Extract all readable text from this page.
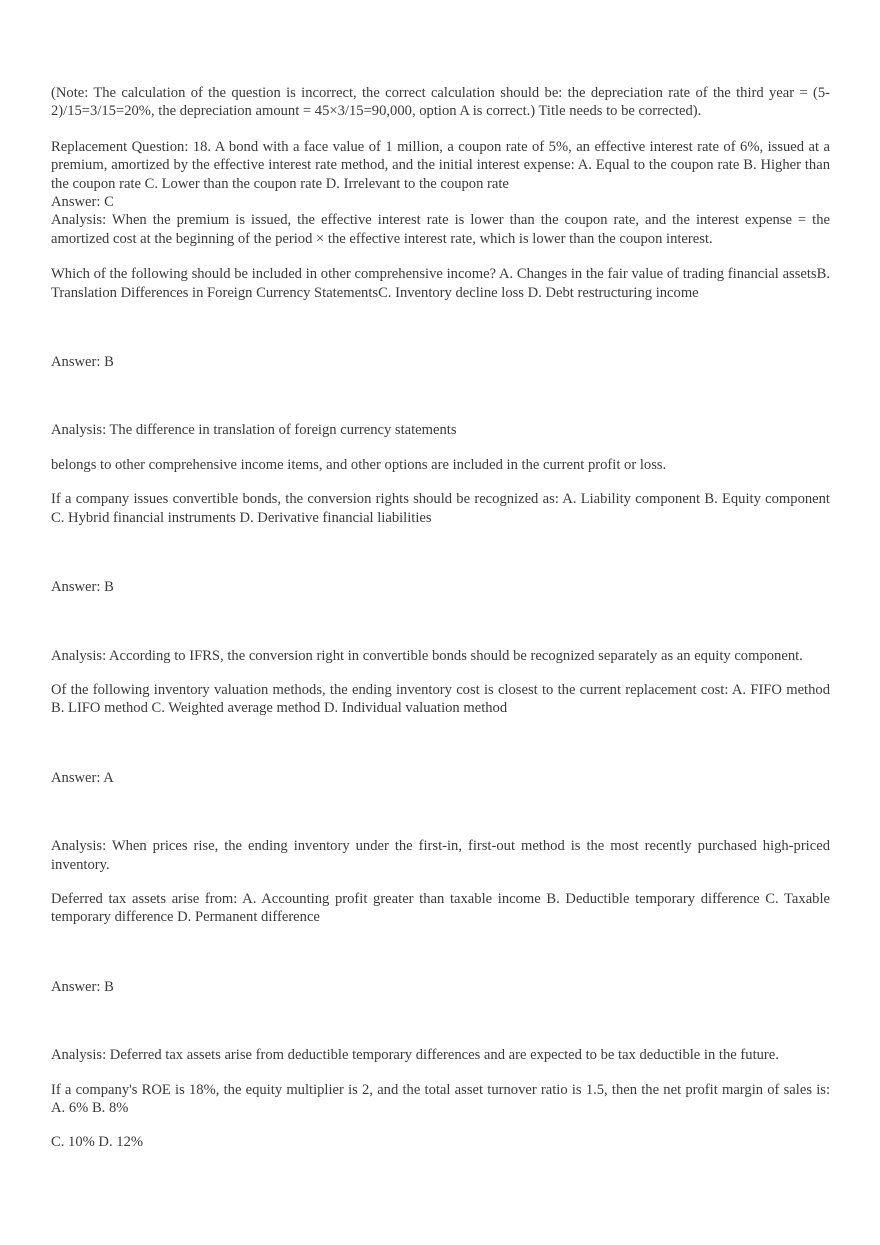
(Note: The calculation of the question is incorrect, the correct calculation should be: the depreciation rate of the third year = (5-2)/15=3/15=20%, the depreciation amount = 45×3/15=90,000, option A is correct.) Title needs to be corrected).

Replacement Question: 18. A bond with a face value of 1 million, a coupon rate of 5%, an effective interest rate of 6%, issued at a premium, amortized by the effective interest rate method, and the initial interest expense: A. Equal to the coupon rate B. Higher than the coupon rate C. Lower than the coupon rate D. Irrelevant to the coupon rate

Answer: C

Analysis: When the premium is issued, the effective interest rate is lower than the coupon rate, and the interest expense = the amortized cost at the beginning of the period × the effective interest rate, which is lower than the coupon interest.

Which of the following should be included in other comprehensive income? A. Changes in the fair value of trading financial assetsB. Translation Differences in Foreign Currency StatementsC. Inventory decline loss D. Debt restructuring income

Answer: B

Analysis: The difference in translation of foreign currency statements

belongs to other comprehensive income items, and other options are included in the current profit or loss.

If a company issues convertible bonds, the conversion rights should be recognized as: A. Liability component B. Equity component C. Hybrid financial instruments D. Derivative financial liabilities

Answer: B

Analysis: According to IFRS, the conversion right in convertible bonds should be recognized separately as an equity component.

Of the following inventory valuation methods, the ending inventory cost is closest to the current replacement cost: A. FIFO method B. LIFO method C. Weighted average method D. Individual valuation method

Answer: A

Analysis: When prices rise, the ending inventory under the first-in, first-out method is the most recently purchased high-priced inventory.

Deferred tax assets arise from: A. Accounting profit greater than taxable income B. Deductible temporary difference C. Taxable temporary difference D. Permanent difference

Answer: B

Analysis: Deferred tax assets arise from deductible temporary differences and are expected to be tax deductible in the future.

If a company's ROE is 18%, the equity multiplier is 2, and the total asset turnover ratio is 1.5, then the net profit margin of sales is: A. 6% B. 8%

C. 10% D. 12%
